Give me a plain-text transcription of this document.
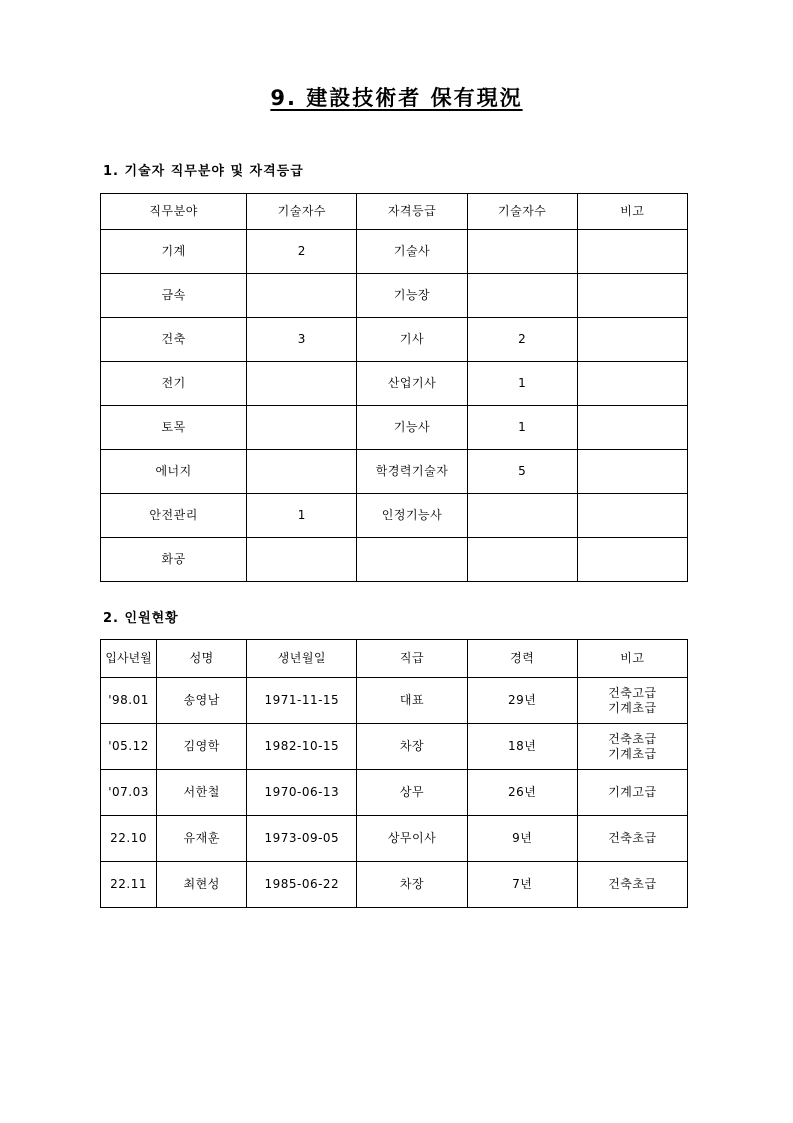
9. 建設技術者 保有現況
1. 기술자 직무분야 및 자격등급
직무분야	기술자수	자격등급	기술자수	비고
기계	2	기술사		
금속		기능장		
건축	3	기사	2	
전기		산업기사	1	
토목		기능사	1	
에너지		학경력기술자	5	
안전관리	1	인정기능사		
화공				
2. 인원현황
입사년월	성명	생년월일	직급	경력	비고
'98.01	송영남	1971-11-15	대표	29년	건축고급
기계초급
'05.12	김영학	1982-10-15	차장	18년	건축초급
기계초급
'07.03	서한철	1970-06-13	상무	26년	기계고급
22.10	유재훈	1973-09-05	상무이사	9년	건축초급
22.11	최현성	1985-06-22	차장	7년	건축초급
